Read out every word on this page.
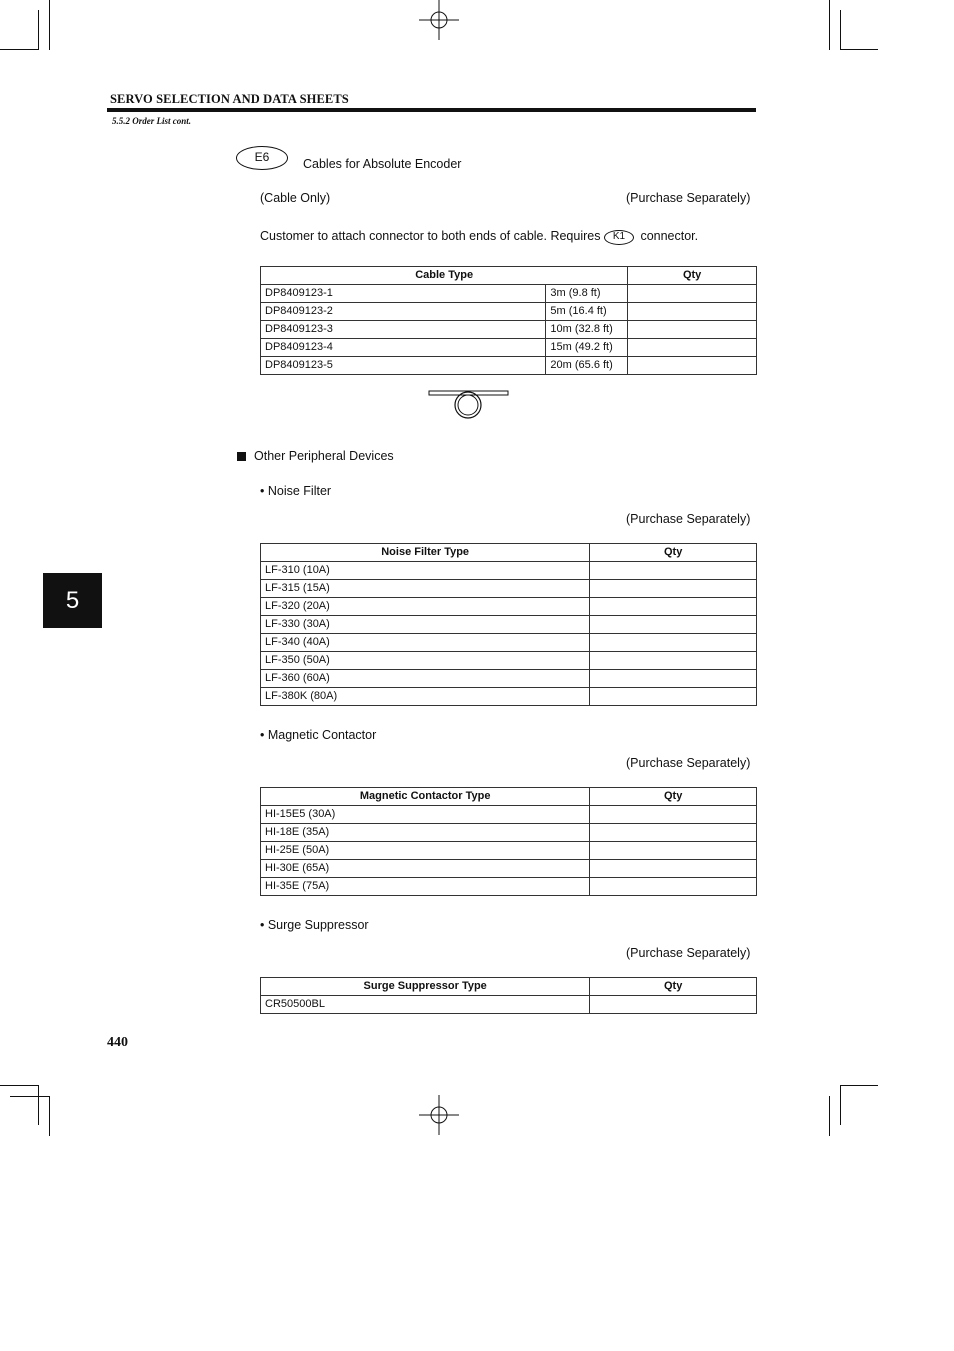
SERVO SELECTION AND DATA SHEETS
5.5.2 Order List cont.
E6	Cables for Absolute Encoder
(Cable Only)	(Purchase Separately)
Customer to attach connector to both ends of cable. Requires K1 connector.
Cable Type		Qty
DP8409123-1	3m (9.8 ft)	
DP8409123-2	5m (16.4 ft)	
DP8409123-3	10m (32.8 ft)	
DP8409123-4	15m (49.2 ft)	
DP8409123-5	20m (65.6 ft)	
Other Peripheral Devices
• Noise Filter
(Purchase Separately)
Noise Filter Type	Qty
LF-310 (10A)	
LF-315 (15A)	
LF-320 (20A)	
LF-330 (30A)	
LF-340 (40A)	
LF-350 (50A)	
LF-360 (60A)	
LF-380K (80A)	
• Magnetic Contactor
(Purchase Separately)
Magnetic Contactor Type	Qty
HI-15E5 (30A)	
HI-18E (35A)	
HI-25E (50A)	
HI-30E (65A)	
HI-35E (75A)	
• Surge Suppressor
(Purchase Separately)
Surge Suppressor Type	Qty
CR50500BL	
5
440
